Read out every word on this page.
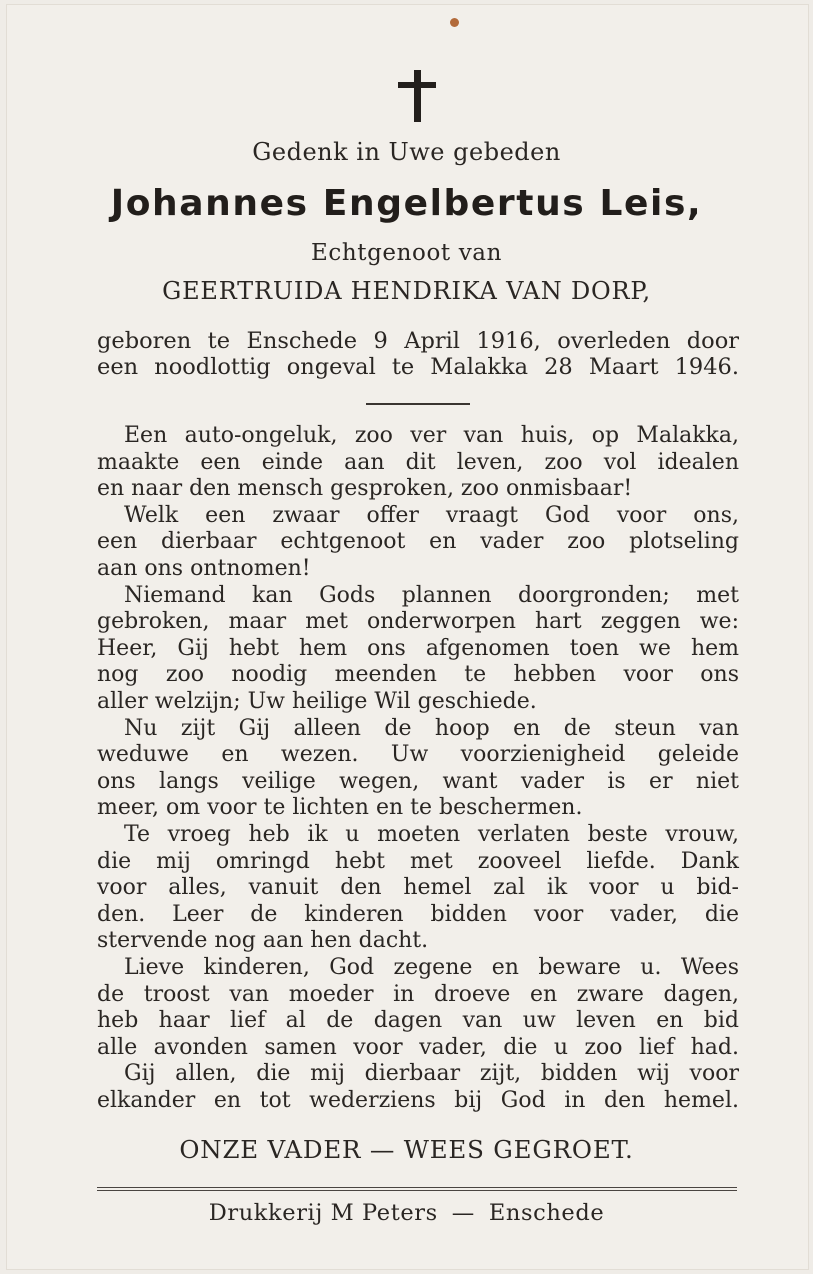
Gedenk in Uwe gebeden
Johannes Engelbertus Leis,
Echtgenoot van
GEERTRUIDA HENDRIKA VAN DORP,
geboren te Enschede 9 April 1916, overleden door
een noodlottig ongeval te Malakka 28 Maart 1946.
Een auto-ongeluk, zoo ver van huis, op Malakka,
maakte een einde aan dit leven, zoo vol idealen
en naar den mensch gesproken, zoo onmisbaar!
Welk een zwaar offer vraagt God voor ons,
een dierbaar echtgenoot en vader zoo plotseling
aan ons ontnomen!
Niemand kan Gods plannen doorgronden; met
gebroken, maar met onderworpen hart zeggen we:
Heer, Gij hebt hem ons afgenomen toen we hem
nog zoo noodig meenden te hebben voor ons
aller welzijn; Uw heilige Wil geschiede.
Nu zijt Gij alleen de hoop en de steun van
weduwe en wezen. Uw voorzienigheid geleide
ons langs veilige wegen, want vader is er niet
meer, om voor te lichten en te beschermen.
Te vroeg heb ik u moeten verlaten beste vrouw,
die mij omringd hebt met zooveel liefde. Dank
voor alles, vanuit den hemel zal ik voor u bid-
den. Leer de kinderen bidden voor vader, die
stervende nog aan hen dacht.
Lieve kinderen, God zegene en beware u. Wees
de troost van moeder in droeve en zware dagen,
heb haar lief al de dagen van uw leven en bid
alle avonden samen voor vader, die u zoo lief had.
Gij allen, die mij dierbaar zijt, bidden wij voor
elkander en tot wederziens bij God in den hemel.
ONZE VADER — WEES GEGROET.
Drukkerij M Peters — Enschede
